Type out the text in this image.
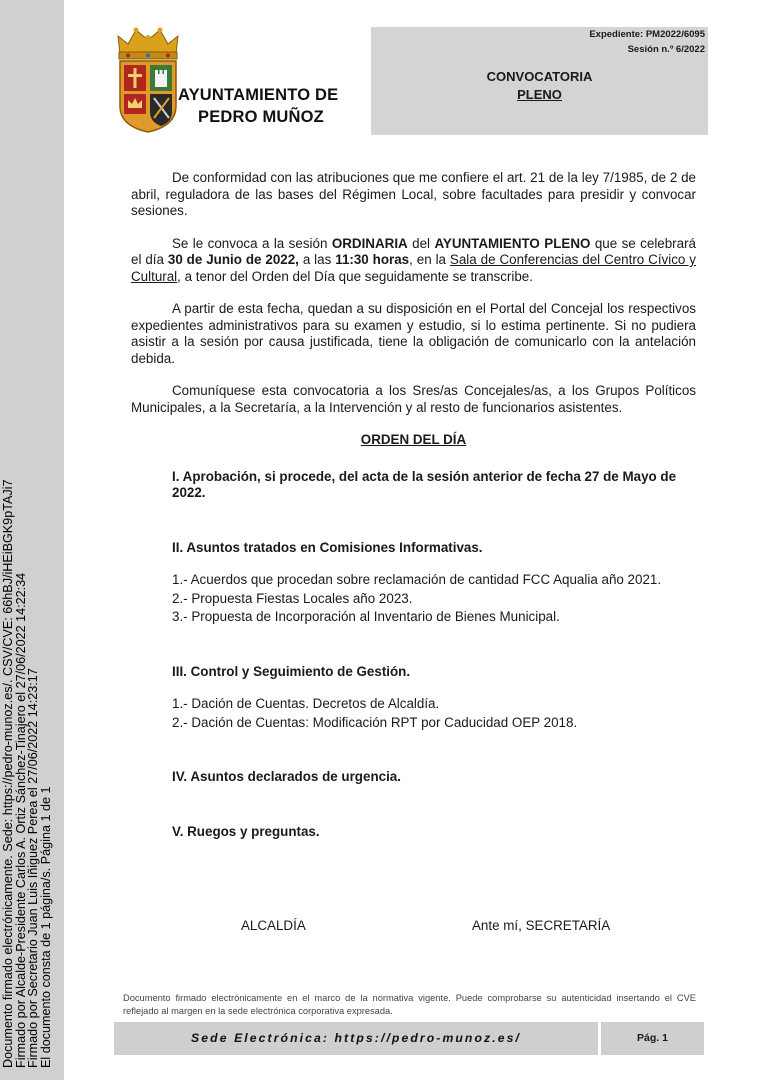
Documento firmado electrónicamente. Sede: https://pedro-munoz.es/. CSV/CVE: 66hBJ/iHEiBGK9pTAJi7
Firmado por Alcalde-Presidente Carlos A. Ortiz Sánchez-Tinajero el 27/06/2022 14:22:34
Firmado por Secretario Juan Luis Iñiguez Perea el 27/06/2022 14:23:17
El documento consta de 1 página/s. Página 1 de 1
AYUNTAMIENTO DE
PEDRO MUÑOZ
Expediente: PM2022/6095
Sesión n.º 6/2022
CONVOCATORIA
PLENO

De conformidad con las atribuciones que me confiere el art. 21 de la ley 7/1985, de 2 de abril, reguladora de las bases del Régimen Local, sobre facultades para presidir y convocar sesiones.

Se le convoca a la sesión ORDINARIA del AYUNTAMIENTO PLENO que se celebrará el día 30 de Junio de 2022, a las 11:30 horas, en la Sala de Conferencias del Centro Cívico y Cultural, a tenor del Orden del Día que seguidamente se transcribe.

A partir de esta fecha, quedan a su disposición en el Portal del Concejal los respectivos expedientes administrativos para su examen y estudio, si lo estima pertinente. Si no pudiera asistir a la sesión por causa justificada, tiene la obligación de comunicarlo con la antelación debida.

Comuníquese esta convocatoria a los Sres/as Concejales/as, a los Grupos Políticos Municipales, a la Secretaría, a la Intervención y al resto de funcionarios asistentes.

ORDEN DEL DÍA
I. Aprobación, si procede, del acta de la sesión anterior de fecha 27 de Mayo de 2022.
II. Asuntos tratados en Comisiones Informativas.
1.- Acuerdos que procedan sobre reclamación de cantidad FCC Aqualia año 2021.
2.- Propuesta Fiestas Locales año 2023.
3.- Propuesta de Incorporación al Inventario de Bienes Municipal.
III. Control y Seguimiento de Gestión.
1.- Dación de Cuentas. Decretos de Alcaldía.
2.- Dación de Cuentas: Modificación RPT por Caducidad OEP 2018.
IV. Asuntos declarados de urgencia.
V. Ruegos y preguntas.
ALCALDÍA	Ante mí, SECRETARÍA
Documento firmado electrónicamente en el marco de la normativa vigente. Puede comprobarse su autenticidad insertando el CVE reflejado al margen en la sede electrónica corporativa expresada.
Sede Electrónica: https://pedro-munoz.es/	Pág. 1
